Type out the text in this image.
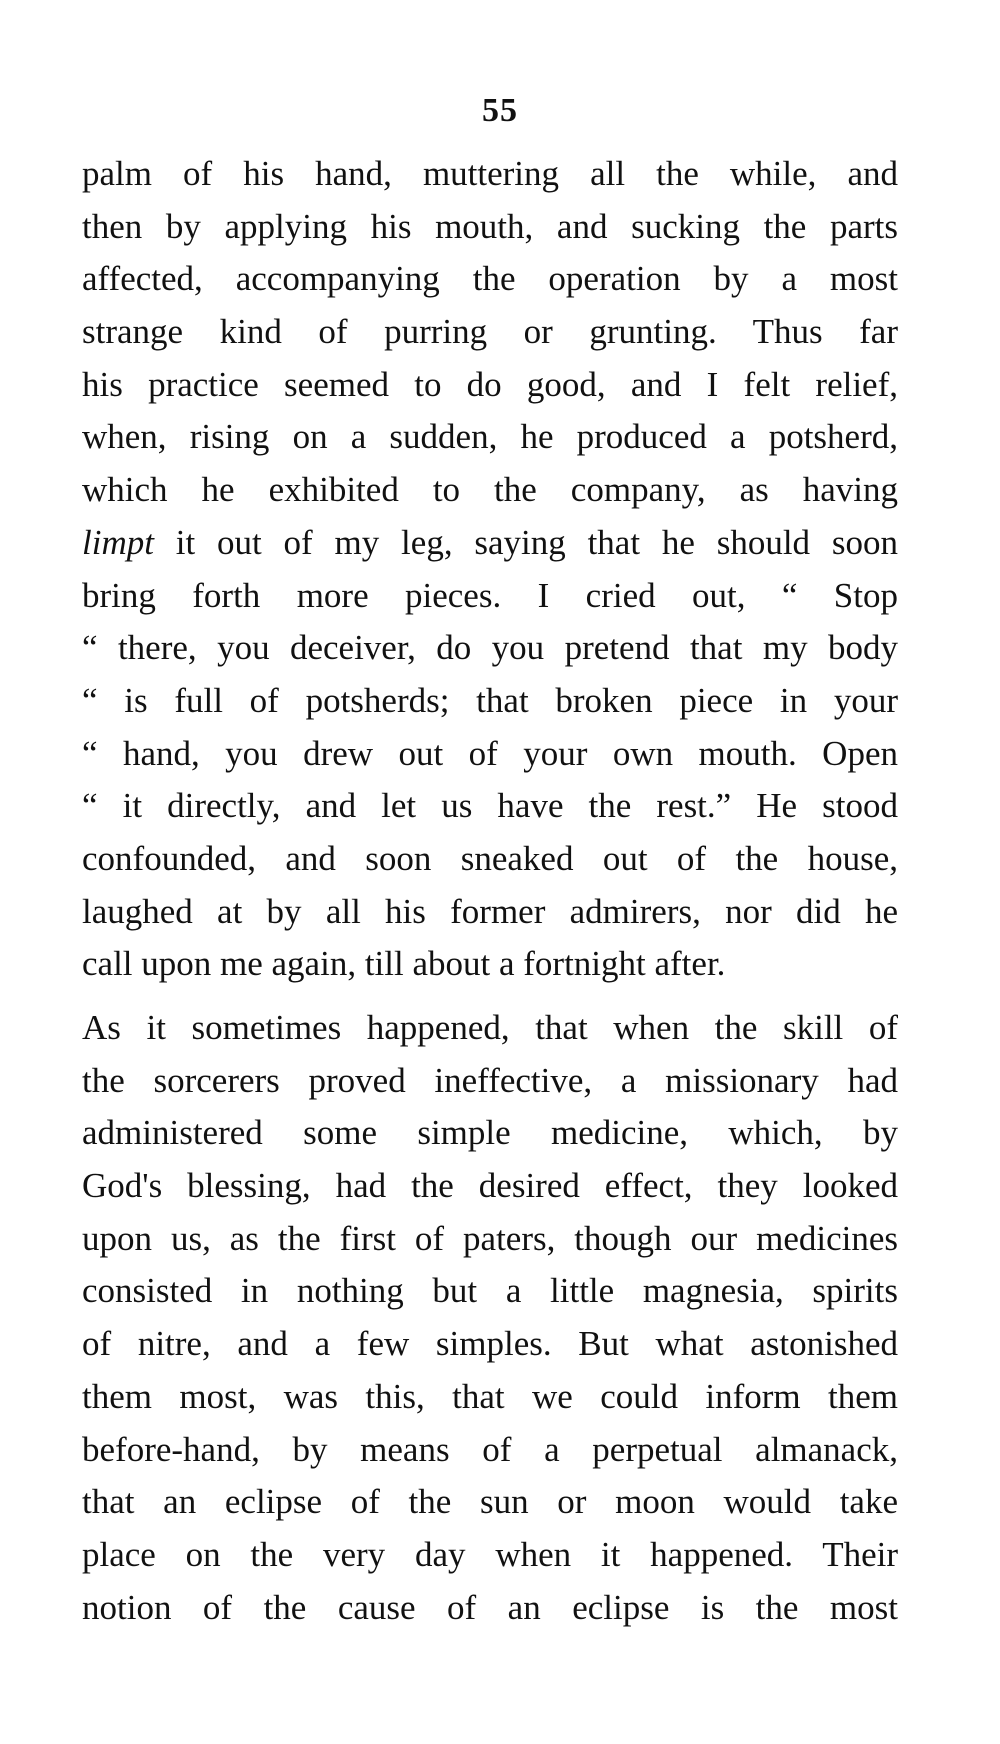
55
palm of his hand, muttering all the while, and
then by applying his mouth, and sucking the parts
affected, accompanying the operation by a most
strange kind of purring or grunting. Thus far
his practice seemed to do good, and I felt relief,
when, rising on a sudden, he produced a potsherd,
which he exhibited to the company, as having
limpt it out of my leg, saying that he should soon
bring forth more pieces. I cried out, “ Stop
“ there, you deceiver, do you pretend that my body
“ is full of potsherds; that broken piece in your
“ hand, you drew out of your own mouth. Open
“ it directly, and let us have the rest.” He stood
confounded, and soon sneaked out of the house,
laughed at by all his former admirers, nor did he
call upon me again, till about a fortnight after.
As it sometimes happened, that when the skill of
the sorcerers proved ineffective, a missionary had
administered some simple medicine, which, by
God's blessing, had the desired effect, they looked
upon us, as the first of paters, though our medicines
consisted in nothing but a little magnesia, spirits
of nitre, and a few simples. But what astonished
them most, was this, that we could inform them
before-hand, by means of a perpetual almanack,
that an eclipse of the sun or moon would take
place on the very day when it happened. Their
notion of the cause of an eclipse is the most
